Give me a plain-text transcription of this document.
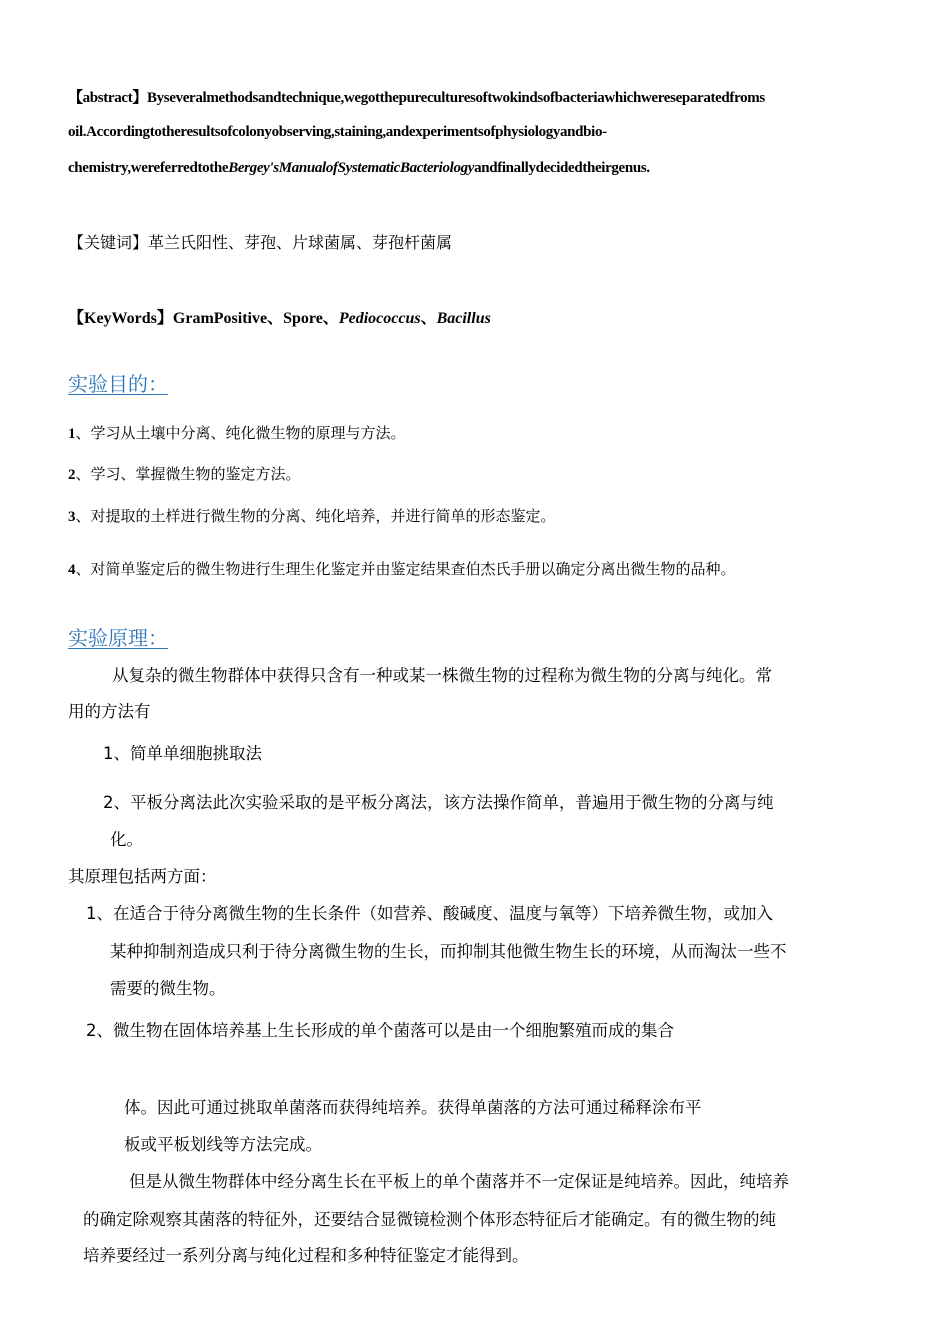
【abstract】Byseveralmethodsandtechnique,wegotthepureculturesoftwokindsofbacteriawhichwereseparatedfroms
oil.Accordingtotheresultsofcolonyobserving,staining,andexperimentsofphysiologyandbio-
chemistry,wereferredtotheBergey'sManualofSystematicBacteriologyandfinallydecidedtheirgenus.
【关键词】革兰氏阳性、芽孢、片球菌属、芽孢杆菌属
【KeyWords】GramPositive、Spore、Pediococcus、Bacillus
实验目的：
1、学习从土壤中分离、纯化微生物的原理与方法。
2、学习、掌握微生物的鉴定方法。
3、对提取的土样进行微生物的分离、纯化培养，并进行简单的形态鉴定。
4、对简单鉴定后的微生物进行生理生化鉴定并由鉴定结果查伯杰氏手册以确定分离出微生物的品种。
实验原理：
从复杂的微生物群体中获得只含有一种或某一株微生物的过程称为微生物的分离与纯化。常
用的方法有
1、简单单细胞挑取法
2、平板分离法此次实验采取的是平板分离法，该方法操作简单，普遍用于微生物的分离与纯
化。
其原理包括两方面：
1、在适合于待分离微生物的生长条件（如营养、酸碱度、温度与氧等）下培养微生物，或加入
某种抑制剂造成只利于待分离微生物的生长，而抑制其他微生物生长的环境，从而淘汰一些不
需要的微生物。
2、微生物在固体培养基上生长形成的单个菌落可以是由一个细胞繁殖而成的集合
体。因此可通过挑取单菌落而获得纯培养。获得单菌落的方法可通过稀释涂布平
板或平板划线等方法完成。
但是从微生物群体中经分离生长在平板上的单个菌落并不一定保证是纯培养。因此，纯培养
的确定除观察其菌落的特征外，还要结合显微镜检测个体形态特征后才能确定。有的微生物的纯
培养要经过一系列分离与纯化过程和多种特征鉴定才能得到。
